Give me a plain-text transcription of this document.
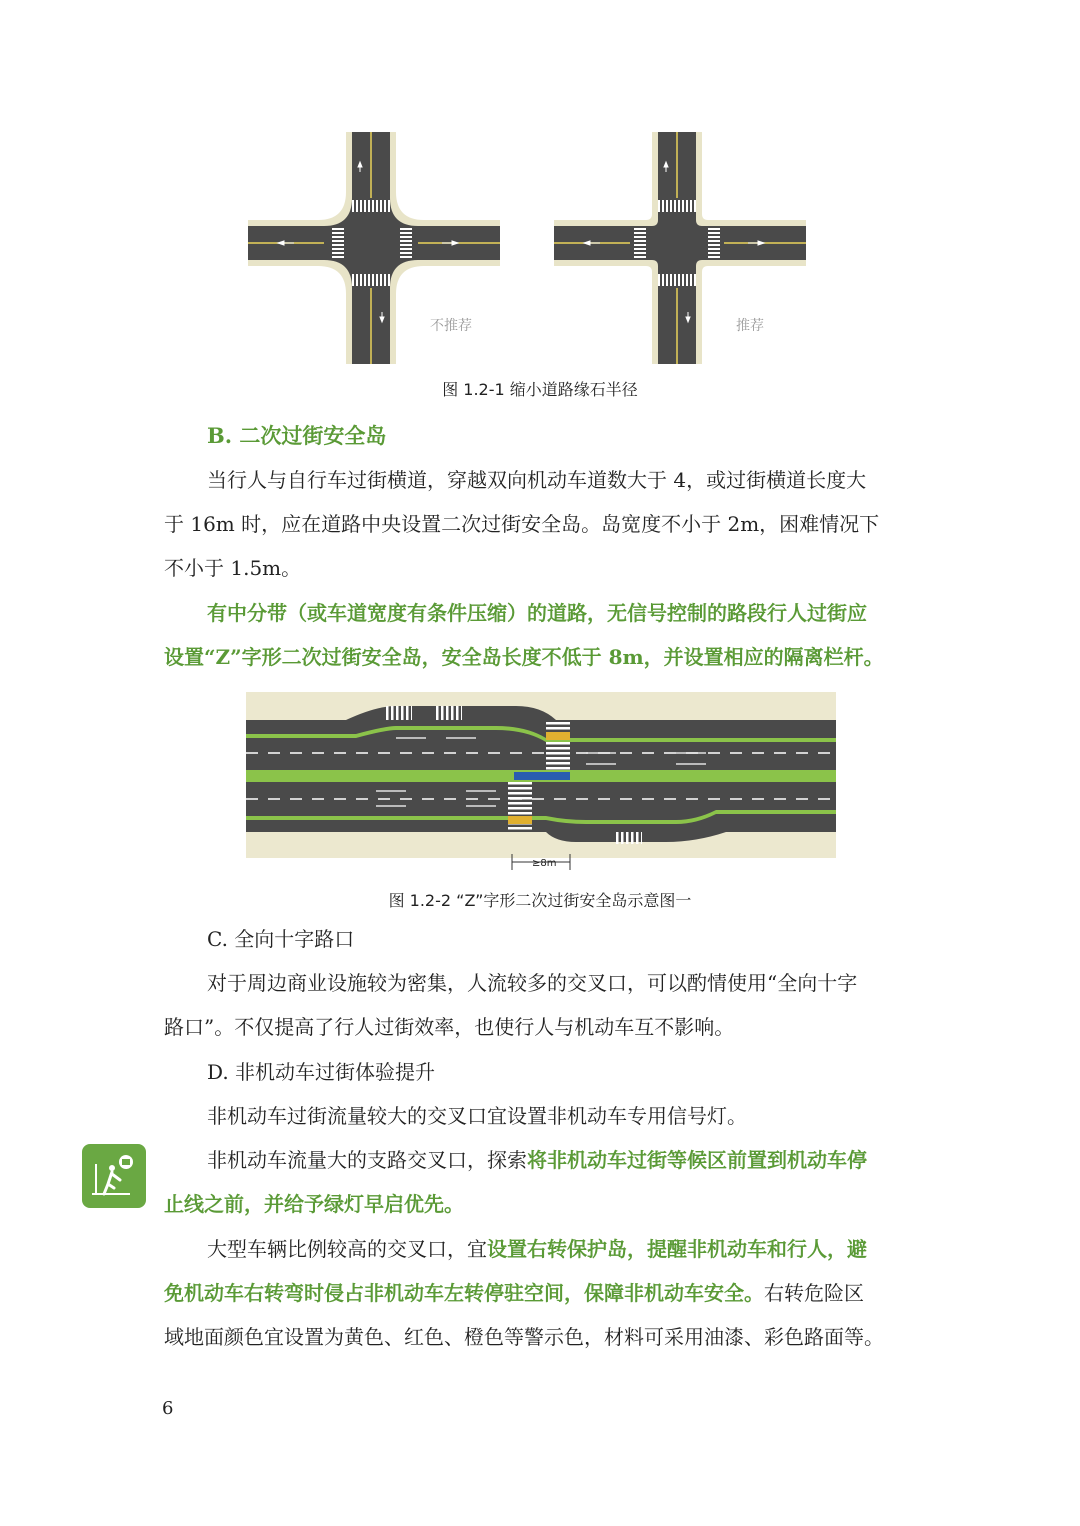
不推荐	推荐
图 1.2-1 缩小道路缘石半径
B. 二次过街安全岛
当行人与自行车过街横道，穿越双向机动车道数大于 4，或过街横道长度大
于 16m 时，应在道路中央设置二次过街安全岛。岛宽度不小于 2m，困难情况下
不小于 1.5m。
有中分带（或车道宽度有条件压缩）的道路，无信号控制的路段行人过街应
设置“Z”字形二次过街安全岛，安全岛长度不低于 8m，并设置相应的隔离栏杆。
≥8m
图 1.2-2 “Z”字形二次过街安全岛示意图一
C. 全向十字路口
对于周边商业设施较为密集，人流较多的交叉口，可以酌情使用“全向十字
路口”。不仅提高了行人过街效率，也使行人与机动车互不影响。
D. 非机动车过街体验提升
非机动车过街流量较大的交叉口宜设置非机动车专用信号灯。
非机动车流量大的支路交叉口，探索将非机动车过街等候区前置到机动车停
止线之前，并给予绿灯早启优先。
大型车辆比例较高的交叉口，宜设置右转保护岛，提醒非机动车和行人，避
免机动车右转弯时侵占非机动车左转停驻空间，保障非机动车安全。右转危险区
域地面颜色宜设置为黄色、红色、橙色等警示色，材料可采用油漆、彩色路面等。
6
